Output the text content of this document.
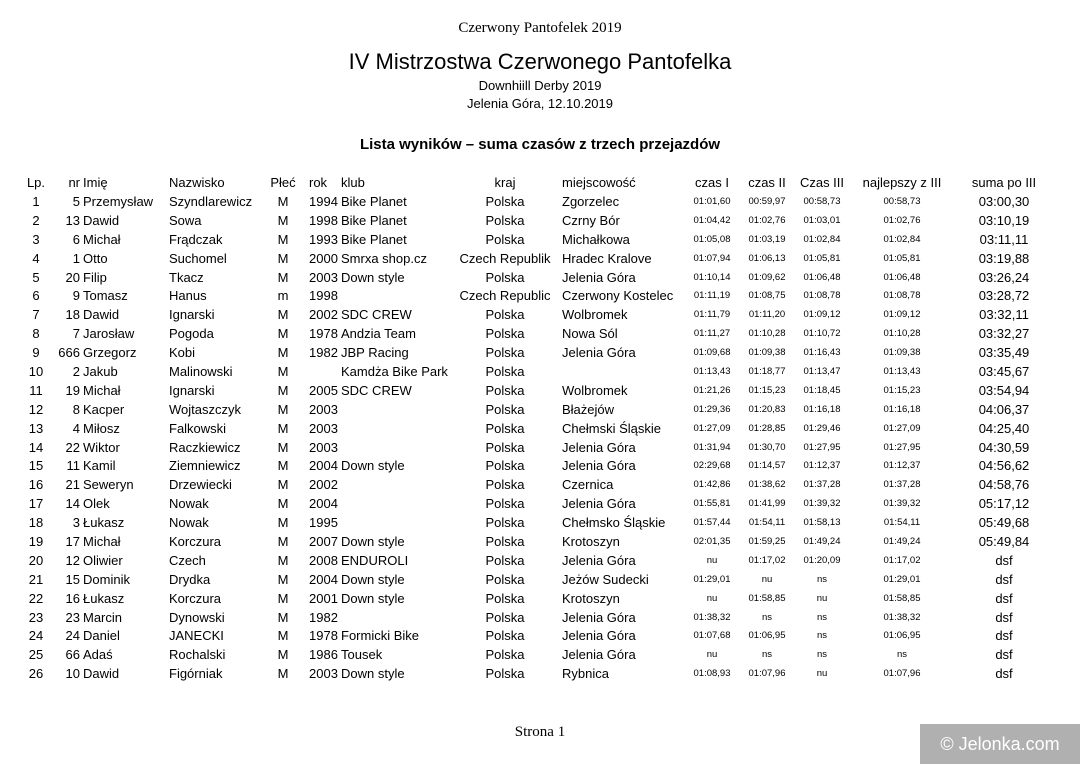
Czerwony Pantofelek 2019
IV Mistrzostwa Czerwonego Pantofelka
Downhiill Derby 2019
Jelenia Góra, 12.10.2019
Lista wyników – suma czasów z trzech przejazdów
Lp.	nr	Imię	Nazwisko	Płeć	rok	klub	kraj	miejscowość	czas I	czas II	Czas III	najlepszy z III	suma po III
1	5	Przemysław	Szyndlarewicz	M	1994	Bike Planet	Polska	Zgorzelec	01:01,60	00:59,97	00:58,73	00:58,73	03:00,30
2	13	Dawid	Sowa	M	1998	Bike Planet	Polska	Czrny Bór	01:04,42	01:02,76	01:03,01	01:02,76	03:10,19
3	6	Michał	Frądczak	M	1993	Bike Planet	Polska	Michałkowa	01:05,08	01:03,19	01:02,84	01:02,84	03:11,11
4	1	Otto	Suchomel	M	2000	Smrxa shop.cz	Czech Republik	Hradec Kralove	01:07,94	01:06,13	01:05,81	01:05,81	03:19,88
5	20	Filip	Tkacz	M	2003	Down style	Polska	Jelenia Góra	01:10,14	01:09,62	01:06,48	01:06,48	03:26,24
6	9	Tomasz	Hanus	m	1998		Czech Republic	Czerwony Kostelec	01:11,19	01:08,75	01:08,78	01:08,78	03:28,72
7	18	Dawid	Ignarski	M	2002	SDC CREW	Polska	Wolbromek	01:11,79	01:11,20	01:09,12	01:09,12	03:32,11
8	7	Jarosław	Pogoda	M	1978	Andzia Team	Polska	Nowa Sól	01:11,27	01:10,28	01:10,72	01:10,28	03:32,27
9	666	Grzegorz	Kobi	M	1982	JBP Racing	Polska	Jelenia Góra	01:09,68	01:09,38	01:16,43	01:09,38	03:35,49
10	2	Jakub	Malinowski	M		Kamdża Bike Park	Polska		01:13,43	01:18,77	01:13,47	01:13,43	03:45,67
11	19	Michał	Ignarski	M	2005	SDC CREW	Polska	Wolbromek	01:21,26	01:15,23	01:18,45	01:15,23	03:54,94
12	8	Kacper	Wojtaszczyk	M	2003		Polska	Błażejów	01:29,36	01:20,83	01:16,18	01:16,18	04:06,37
13	4	Miłosz	Falkowski	M	2003		Polska	Chełmski Śląskie	01:27,09	01:28,85	01:29,46	01:27,09	04:25,40
14	22	Wiktor	Raczkiewicz	M	2003		Polska	Jelenia Góra	01:31,94	01:30,70	01:27,95	01:27,95	04:30,59
15	11	Kamil	Ziemniewicz	M	2004	Down style	Polska	Jelenia Góra	02:29,68	01:14,57	01:12,37	01:12,37	04:56,62
16	21	Seweryn	Drzewiecki	M	2002		Polska	Czernica	01:42,86	01:38,62	01:37,28	01:37,28	04:58,76
17	14	Olek	Nowak	M	2004		Polska	Jelenia Góra	01:55,81	01:41,99	01:39,32	01:39,32	05:17,12
18	3	Łukasz	Nowak	M	1995		Polska	Chełmsko Śląskie	01:57,44	01:54,11	01:58,13	01:54,11	05:49,68
19	17	Michał	Korczura	M	2007	Down style	Polska	Krotoszyn	02:01,35	01:59,25	01:49,24	01:49,24	05:49,84
20	12	Oliwier	Czech	M	2008	ENDUROLI	Polska	Jelenia Góra	nu	01:17,02	01:20,09	01:17,02	dsf
21	15	Dominik	Drydka	M	2004	Down style	Polska	Jeżów Sudecki	01:29,01	nu	ns	01:29,01	dsf
22	16	Łukasz	Korczura	M	2001	Down style	Polska	Krotoszyn	nu	01:58,85	nu	01:58,85	dsf
23	23	Marcin	Dynowski	M	1982		Polska	Jelenia Góra	01:38,32	ns	ns	01:38,32	dsf
24	24	Daniel	JANECKI	M	1978	Formicki Bike	Polska	Jelenia Góra	01:07,68	01:06,95	ns	01:06,95	dsf
25	66	Adaś	Rochalski	M	1986	Tousek	Polska	Jelenia Góra	nu	ns	ns	ns	dsf
26	10	Dawid	Figórniak	M	2003	Down style	Polska	Rybnica	01:08,93	01:07,96	nu	01:07,96	dsf
Strona 1
© Jelonka.com
